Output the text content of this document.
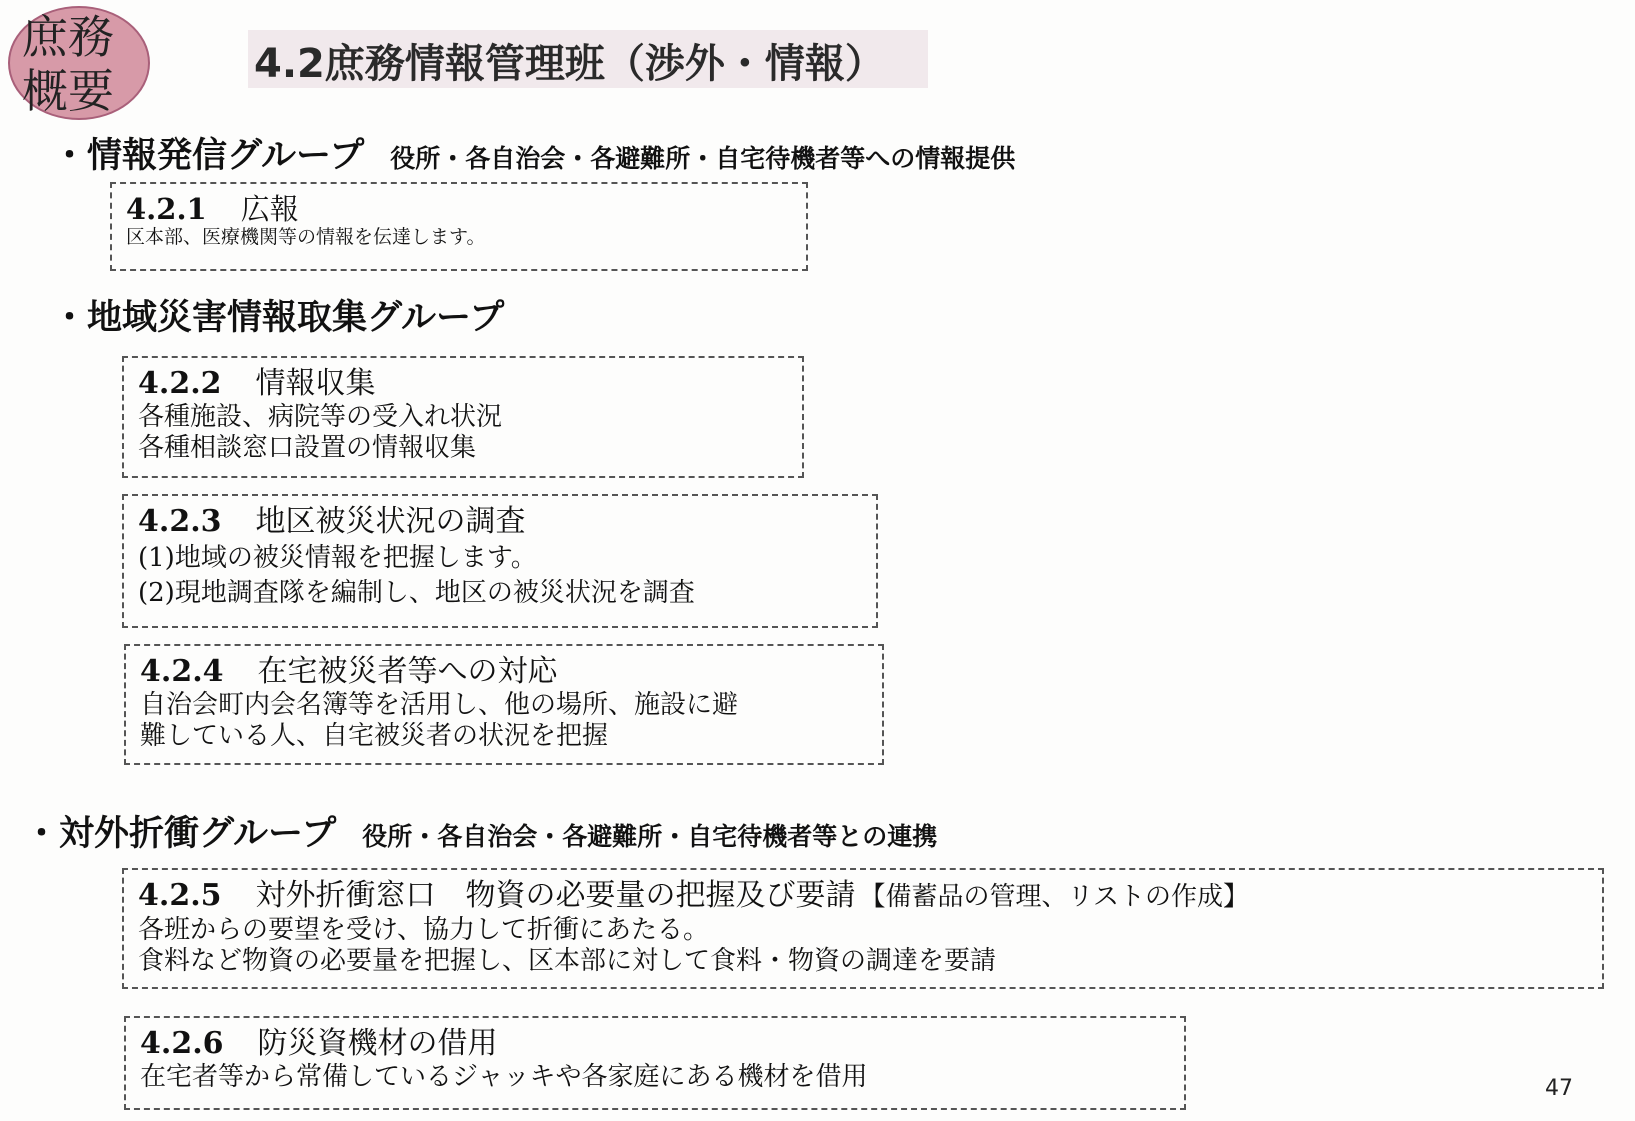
庶務
概要	4.2庶務情報管理班（渉外・情報）
・情報発信グループ 役所・各自治会・各避難所・自宅待機者等への情報提供
4.2.1 広報
区本部、医療機関等の情報を伝達します。
・地域災害情報取集グループ
4.2.2 情報収集
各種施設、病院等の受入れ状況
各種相談窓口設置の情報収集
4.2.3 地区被災状況の調査
(1)地域の被災情報を把握します。
(2)現地調査隊を編制し、地区の被災状況を調査
4.2.4 在宅被災者等への対応
自治会町内会名簿等を活用し、他の場所、施設に避
難している人、自宅被災者の状況を把握
・対外折衝グループ 役所・各自治会・各避難所・自宅待機者等との連携
4.2.5 対外折衝窓口　物資の必要量の把握及び要請 【備蓄品の管理、リストの作成】
各班からの要望を受け、協力して折衝にあたる。
食料など物資の必要量を把握し、区本部に対して食料・物資の調達を要請
4.2.6 防災資機材の借用
在宅者等から常備しているジャッキや各家庭にある機材を借用	47
